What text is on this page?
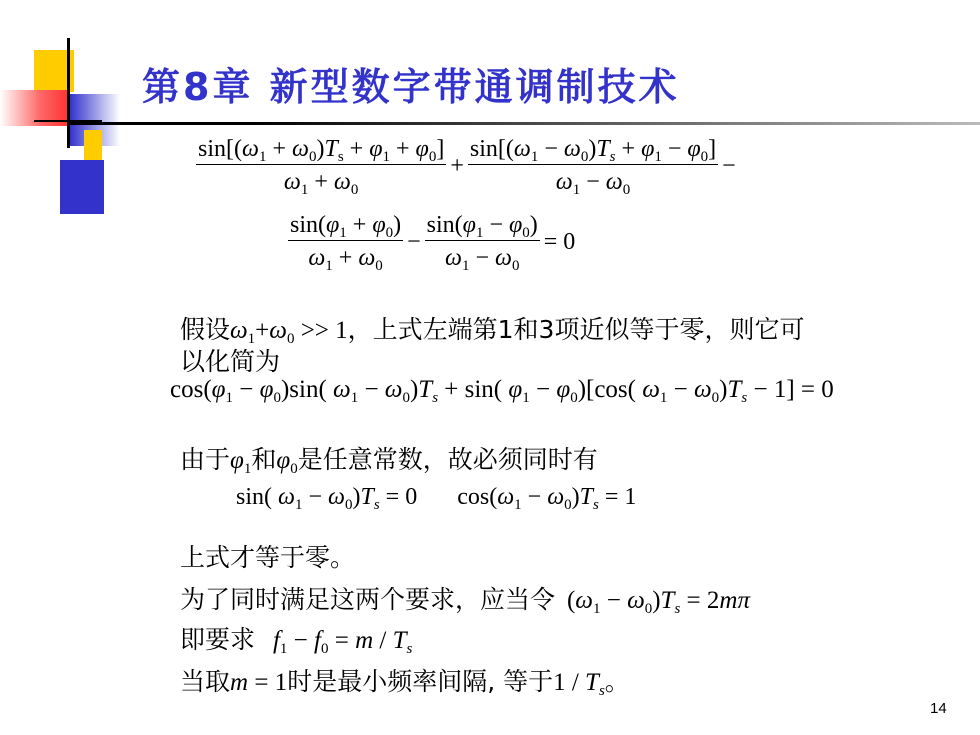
第8章 新型数字带通调制技术
$\frac{\sin[(\omega_1 + \omega_0)T_s + \varphi_1 + \varphi_0]}{\omega_1 + \omega_0} + \frac{\sin[(\omega_1 - \omega_0)T_s + \varphi_1 - \varphi_0]}{\omega_1 - \omega_0}$ −
$\frac{\sin(\varphi_1 + \varphi_0)}{\omega_1 + \omega_0} - \frac{\sin(\varphi_1 - \varphi_0)}{\omega_1 - \omega_0} = 0$
假设$\omega_1+\omega_0 >> 1$，上式左端第1和3项近似等于零，则它可
以化简为
$\cos(\varphi_1 - \varphi_0)\sin$( $\omega_1 - \omega_0)T_s + \sin$( $\varphi_1 - \varphi_0)[\cos$( $\omega_1 - \omega_0)T_s - 1] = 0$
由于$\varphi_1$和$\varphi_0$是任意常数，故必须同时有
sin( $\omega_1 - \omega_0)T_s = 0$ $\cos(\omega_1 - \omega_0)T_s = 1$
上式才等于零。
为了同时满足这两个要求，应当令 $(\omega_1 - \omega_0)T_s = 2m\pi$
即要求 $f_1 - f_0 = m / T_s$
当取m = 1时是最小频率间隔, 等于$1 / T_s$。
14
